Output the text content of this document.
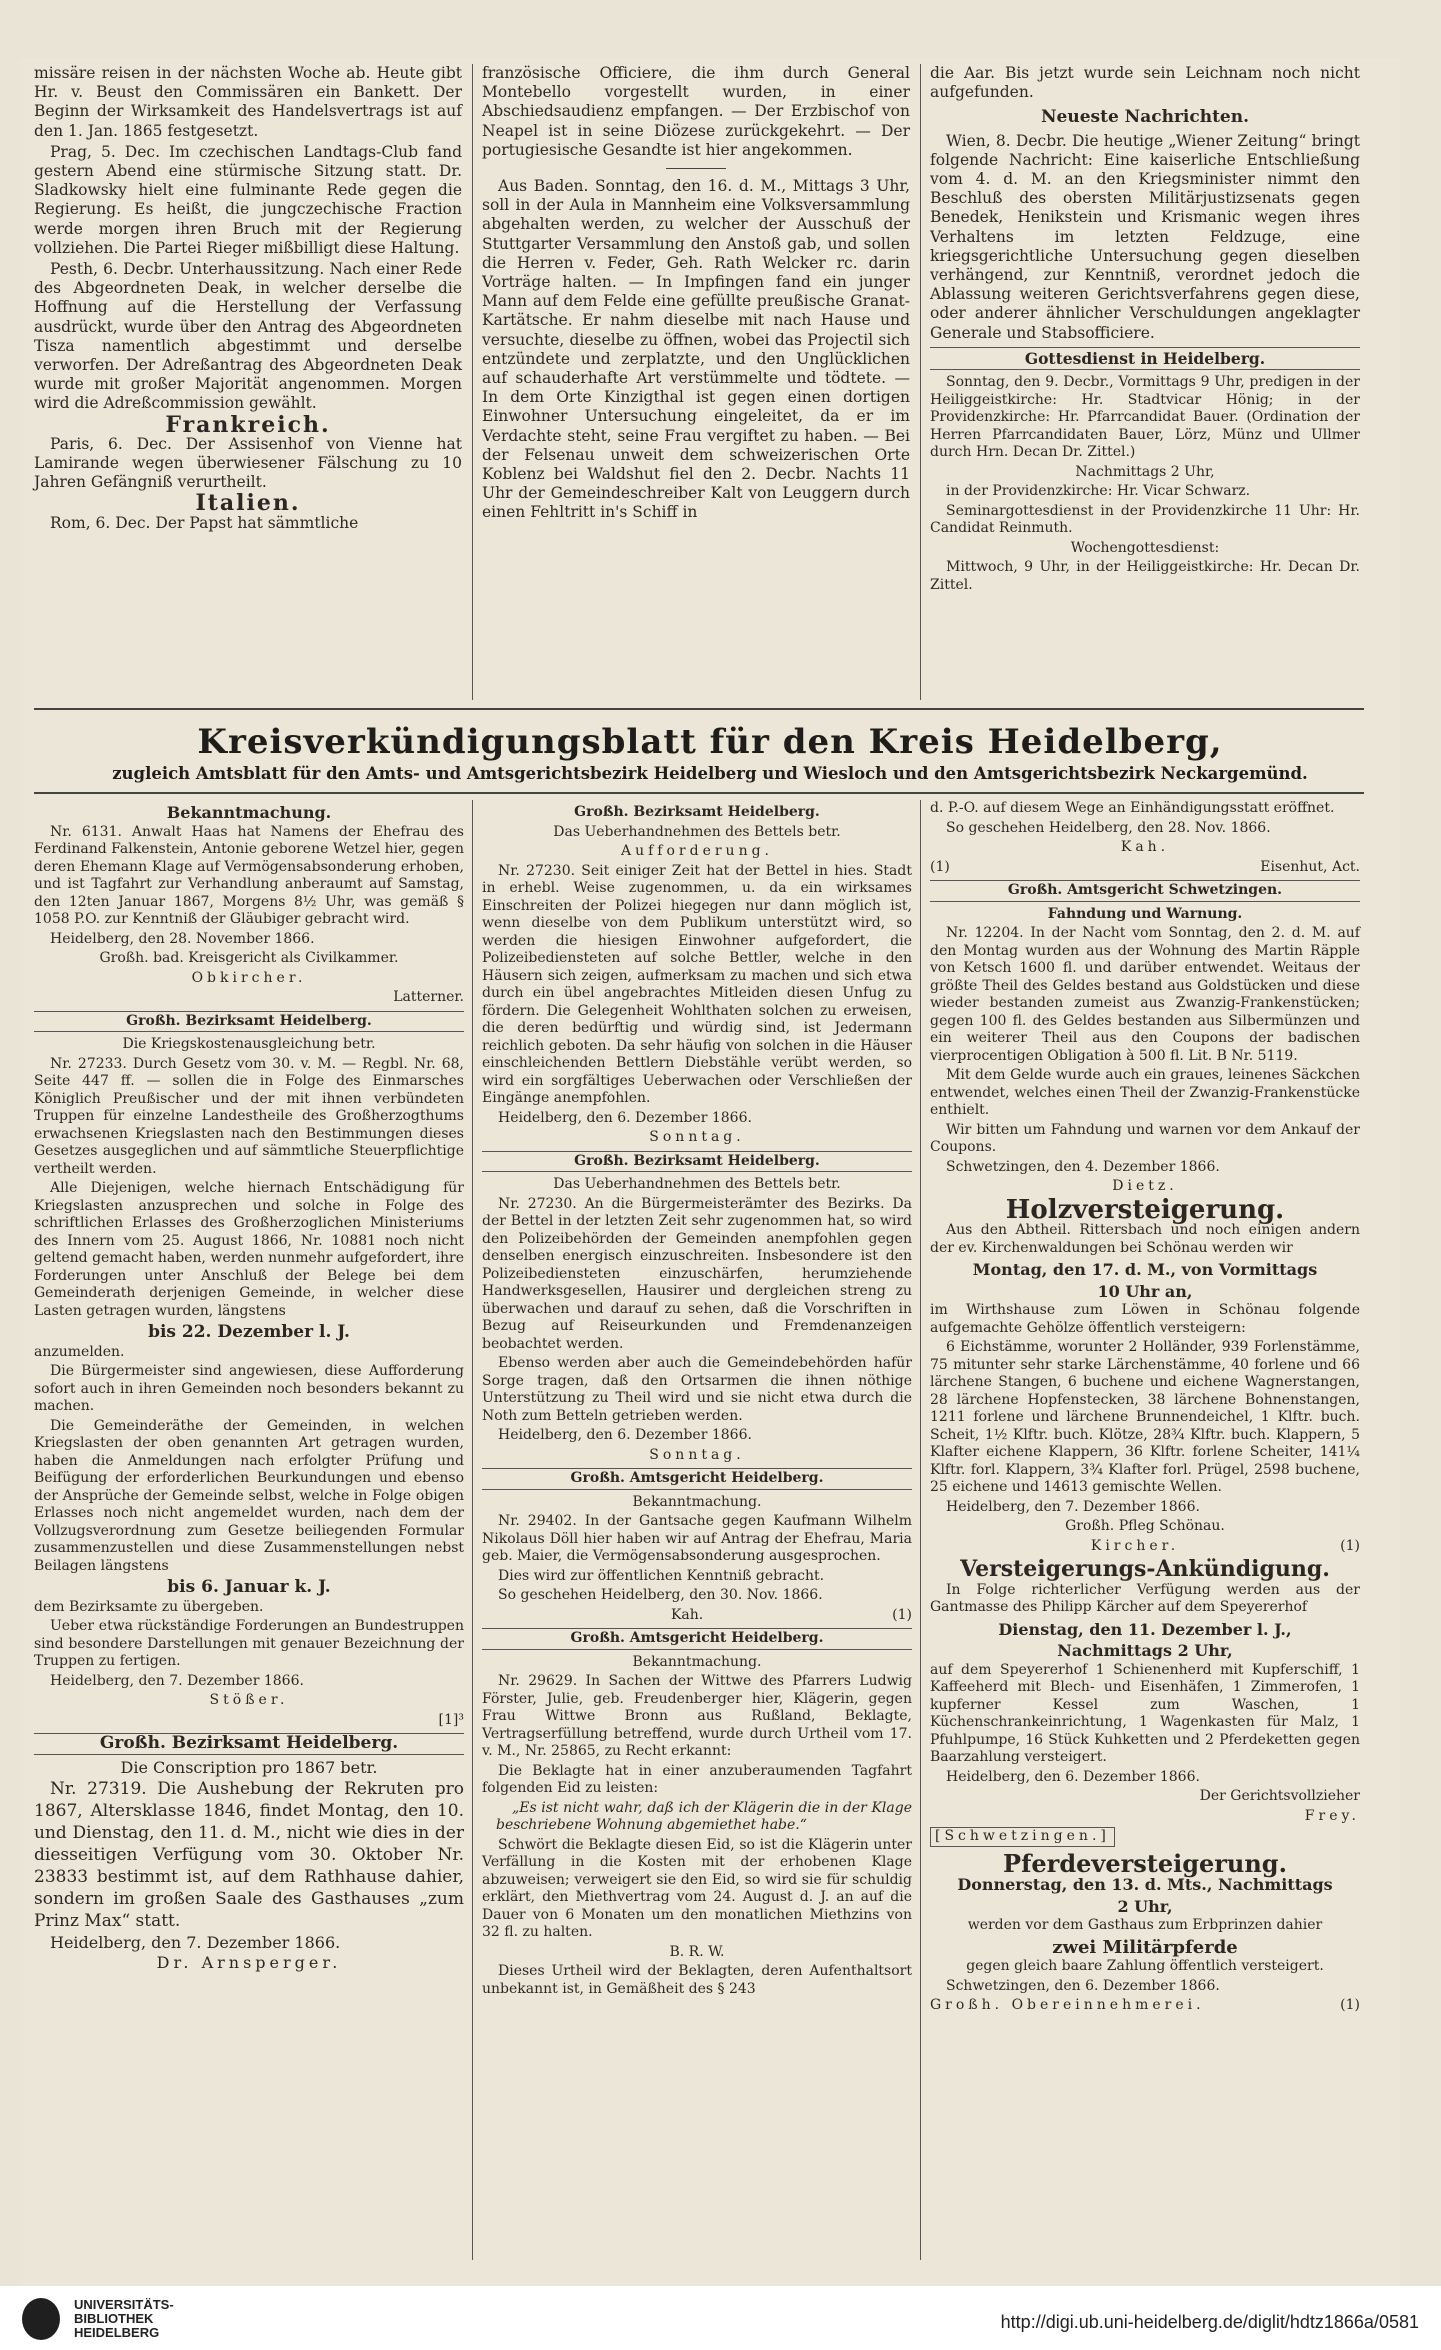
missäre reisen in der nächsten Woche ab. Heute gibt Hr. v. Beust den Commissären ein Bankett. Der Beginn der Wirksamkeit des Handelsvertrags ist auf den 1. Jan. 1865 festgesetzt.

Prag, 5. Dec. Im czechischen Landtags-Club fand gestern Abend eine stürmische Sitzung statt. Dr. Sladkowsky hielt eine fulminante Rede gegen die Regierung. Es heißt, die jungczechische Fraction werde morgen ihren Bruch mit der Regierung vollziehen. Die Partei Rieger mißbilligt diese Haltung.

Pesth, 6. Decbr. Unterhaussitzung. Nach einer Rede des Abgeordneten Deak, in welcher derselbe die Hoffnung auf die Herstellung der Verfassung ausdrückt, wurde über den Antrag des Abgeordneten Tisza namentlich abgestimmt und derselbe verworfen. Der Adreßantrag des Abgeordneten Deak wurde mit großer Majorität angenommen. Morgen wird die Adreßcommission gewählt.

Frankreich.

Paris, 6. Dec. Der Assisenhof von Vienne hat Lamirande wegen überwiesener Fälschung zu 10 Jahren Gefängniß verurtheilt.

Italien.

Rom, 6. Dec. Der Papst hat sämmtliche

französische Officiere, die ihm durch General Montebello vorgestellt wurden, in einer Abschiedsaudienz empfangen. — Der Erzbischof von Neapel ist in seine Diözese zurückgekehrt. — Der portugiesische Gesandte ist hier angekommen.

Aus Baden. Sonntag, den 16. d. M., Mittags 3 Uhr, soll in der Aula in Mannheim eine Volksversammlung abgehalten werden, zu welcher der Ausschuß der Stuttgarter Versammlung den Anstoß gab, und sollen die Herren v. Feder, Geh. Rath Welcker rc. darin Vorträge halten. — In Impfingen fand ein junger Mann auf dem Felde eine gefüllte preußische Granat-Kartätsche. Er nahm dieselbe mit nach Hause und versuchte, dieselbe zu öffnen, wobei das Projectil sich entzündete und zerplatzte, und den Unglücklichen auf schauderhafte Art verstümmelte und tödtete. — In dem Orte Kinzigthal ist gegen einen dortigen Einwohner Untersuchung eingeleitet, da er im Verdachte steht, seine Frau vergiftet zu haben. — Bei der Felsenau unweit dem schweizerischen Orte Koblenz bei Waldshut fiel den 2. Decbr. Nachts 11 Uhr der Gemeindeschreiber Kalt von Leuggern durch einen Fehltritt in's Schiff in

die Aar. Bis jetzt wurde sein Leichnam noch nicht aufgefunden.

Neueste Nachrichten.

Wien, 8. Decbr. Die heutige „Wiener Zeitung“ bringt folgende Nachricht: Eine kaiserliche Entschließung vom 4. d. M. an den Kriegsminister nimmt den Beschluß des obersten Militärjustizsenats gegen Benedek, Henikstein und Krismanic wegen ihres Verhaltens im letzten Feldzuge, eine kriegsgerichtliche Untersuchung gegen dieselben verhängend, zur Kenntniß, verordnet jedoch die Ablassung weiteren Gerichtsverfahrens gegen diese, oder anderer ähnlicher Verschuldungen angeklagter Generale und Stabsofficiere.

Gottesdienst in Heidelberg.

Sonntag, den 9. Decbr., Vormittags 9 Uhr, predigen in der Heiliggeistkirche: Hr. Stadtvicar Hönig; in der Providenzkirche: Hr. Pfarrcandidat Bauer. (Ordination der Herren Pfarrcandidaten Bauer, Lörz, Münz und Ullmer durch Hrn. Decan Dr. Zittel.)

Nachmittags 2 Uhr,

in der Providenzkirche: Hr. Vicar Schwarz.

Seminargottesdienst in der Providenzkirche 11 Uhr: Hr. Candidat Reinmuth.

Wochengottesdienst:

Mittwoch, 9 Uhr, in der Heiliggeistkirche: Hr. Decan Dr. Zittel.

Kreisverkündigungsblatt für den Kreis Heidelberg,
zugleich Amtsblatt für den Amts- und Amtsgerichtsbezirk Heidelberg und Wiesloch und den Amtsgerichtsbezirk Neckargemünd.
Bekanntmachung.

Nr. 6131. Anwalt Haas hat Namens der Ehefrau des Ferdinand Falkenstein, Antonie geborene Wetzel hier, gegen deren Ehemann Klage auf Vermögensabsonderung erhoben, und ist Tagfahrt zur Verhandlung anberaumt auf Samstag, den 12ten Januar 1867, Morgens 8½ Uhr, was gemäß § 1058 P.O. zur Kenntniß der Gläubiger gebracht wird.

Heidelberg, den 28. November 1866.

Großh. bad. Kreisgericht als Civilkammer.

Obkircher.

Latterner.

Großh. Bezirksamt Heidelberg.

Die Kriegskostenausgleichung betr.

Nr. 27233. Durch Gesetz vom 30. v. M. — Regbl. Nr. 68, Seite 447 ff. — sollen die in Folge des Einmarsches Königlich Preußischer und der mit ihnen verbündeten Truppen für einzelne Landestheile des Großherzogthums erwachsenen Kriegslasten nach den Bestimmungen dieses Gesetzes ausgeglichen und auf sämmtliche Steuerpflichtige vertheilt werden.

Alle Diejenigen, welche hiernach Entschädigung für Kriegslasten anzusprechen und solche in Folge des schriftlichen Erlasses des Großherzoglichen Ministeriums des Innern vom 25. August 1866, Nr. 10881 noch nicht geltend gemacht haben, werden nunmehr aufgefordert, ihre Forderungen unter Anschluß der Belege bei dem Gemeinderath derjenigen Gemeinde, in welcher diese Lasten getragen wurden, längstens

bis 22. Dezember l. J.

anzumelden.

Die Bürgermeister sind angewiesen, diese Aufforderung sofort auch in ihren Gemeinden noch besonders bekannt zu machen.

Die Gemeinderäthe der Gemeinden, in welchen Kriegslasten der oben genannten Art getragen wurden, haben die Anmeldungen nach erfolgter Prüfung und Beifügung der erforderlichen Beurkundungen und ebenso der Ansprüche der Gemeinde selbst, welche in Folge obigen Erlasses noch nicht angemeldet wurden, nach dem der Vollzugsverordnung zum Gesetze beiliegenden Formular zusammenzustellen und diese Zusammenstellungen nebst Beilagen längstens

bis 6. Januar k. J.

dem Bezirksamte zu übergeben.

Ueber etwa rückständige Forderungen an Bundestruppen sind besondere Darstellungen mit genauer Bezeichnung der Truppen zu fertigen.

Heidelberg, den 7. Dezember 1866.

Stößer.

[1]³

Großh. Bezirksamt Heidelberg.

Die Conscription pro 1867 betr.

Nr. 27319. Die Aushebung der Rekruten pro 1867, Altersklasse 1846, findet Montag, den 10. und Dienstag, den 11. d. M., nicht wie dies in der diesseitigen Verfügung vom 30. Oktober Nr. 23833 bestimmt ist, auf dem Rathhause dahier, sondern im großen Saale des Gasthauses „zum Prinz Max“ statt.

Heidelberg, den 7. Dezember 1866.

Dr. Arnsperger.

Großh. Bezirksamt Heidelberg.

Das Ueberhandnehmen des Bettels betr.

Aufforderung.

Nr. 27230. Seit einiger Zeit hat der Bettel in hies. Stadt in erhebl. Weise zugenommen, u. da ein wirksames Einschreiten der Polizei hiegegen nur dann möglich ist, wenn dieselbe von dem Publikum unterstützt wird, so werden die hiesigen Einwohner aufgefordert, die Polizeibediensteten auf solche Bettler, welche in den Häusern sich zeigen, aufmerksam zu machen und sich etwa durch ein übel angebrachtes Mitleiden diesen Unfug zu fördern. Die Gelegenheit Wohlthaten solchen zu erweisen, die deren bedürftig und würdig sind, ist Jedermann reichlich geboten. Da sehr häufig von solchen in die Häuser einschleichenden Bettlern Diebstähle verübt werden, so wird ein sorgfältiges Ueberwachen oder Verschließen der Eingänge anempfohlen.

Heidelberg, den 6. Dezember 1866.

Sonntag.

Großh. Bezirksamt Heidelberg.

Das Ueberhandnehmen des Bettels betr.

Nr. 27230. An die Bürgermeisterämter des Bezirks. Da der Bettel in der letzten Zeit sehr zugenommen hat, so wird den Polizeibehörden der Gemeinden anempfohlen gegen denselben energisch einzuschreiten. Insbesondere ist den Polizeibediensteten einzuschärfen, herumziehende Handwerksgesellen, Hausirer und dergleichen streng zu überwachen und darauf zu sehen, daß die Vorschriften in Bezug auf Reiseurkunden und Fremdenanzeigen beobachtet werden.

Ebenso werden aber auch die Gemeindebehörden hafür Sorge tragen, daß den Ortsarmen die ihnen nöthige Unterstützung zu Theil wird und sie nicht etwa durch die Noth zum Betteln getrieben werden.

Heidelberg, den 6. Dezember 1866.

Sonntag.

Großh. Amtsgericht Heidelberg.

Bekanntmachung.

Nr. 29402. In der Gantsache gegen Kaufmann Wilhelm Nikolaus Döll hier haben wir auf Antrag der Ehefrau, Maria geb. Maier, die Vermögensabsonderung ausgesprochen.

Dies wird zur öffentlichen Kenntniß gebracht.

So geschehen Heidelberg, den 30. Nov. 1866.

Kah.	(1)

Großh. Amtsgericht Heidelberg.

Bekanntmachung.

Nr. 29629. In Sachen der Wittwe des Pfarrers Ludwig Förster, Julie, geb. Freudenberger hier, Klägerin, gegen Frau Wittwe Bronn aus Rußland, Beklagte, Vertragserfüllung betreffend, wurde durch Urtheil vom 17. v. M., Nr. 25865, zu Recht erkannt:

Die Beklagte hat in einer anzuberaumenden Tagfahrt folgenden Eid zu leisten:

„Es ist nicht wahr, daß ich der Klägerin die in der Klage beschriebene Wohnung abgemiethet habe.“

Schwört die Beklagte diesen Eid, so ist die Klägerin unter Verfällung in die Kosten mit der erhobenen Klage abzuweisen; verweigert sie den Eid, so wird sie für schuldig erklärt, den Miethvertrag vom 24. August d. J. an auf die Dauer von 6 Monaten um den monatlichen Miethzins von 32 fl. zu halten.

B. R. W.

Dieses Urtheil wird der Beklagten, deren Aufenthaltsort unbekannt ist, in Gemäßheit des § 243

d. P.-O. auf diesem Wege an Einhändigungsstatt eröffnet.

So geschehen Heidelberg, den 28. Nov. 1866.

Kah.

(1)	Eisenhut, Act.

Großh. Amtsgericht Schwetzingen.

Fahndung und Warnung.

Nr. 12204. In der Nacht vom Sonntag, den 2. d. M. auf den Montag wurden aus der Wohnung des Martin Räpple von Ketsch 1600 fl. und darüber entwendet. Weitaus der größte Theil des Geldes bestand aus Goldstücken und diese wieder bestanden zumeist aus Zwanzig-Frankenstücken; gegen 100 fl. des Geldes bestanden aus Silbermünzen und ein weiterer Theil aus den Coupons der badischen vierprocentigen Obligation à 500 fl. Lit. B Nr. 5119.

Mit dem Gelde wurde auch ein graues, leinenes Säckchen entwendet, welches einen Theil der Zwanzig-Frankenstücke enthielt.

Wir bitten um Fahndung und warnen vor dem Ankauf der Coupons.

Schwetzingen, den 4. Dezember 1866.

Dietz.

Holzversteigerung.

Aus den Abtheil. Rittersbach und noch einigen andern der ev. Kirchenwaldungen bei Schönau werden wir

Montag, den 17. d. M., von Vormittags
10 Uhr an,

im Wirthshause zum Löwen in Schönau folgende aufgemachte Gehölze öffentlich versteigern:

6 Eichstämme, worunter 2 Holländer, 939 Forlenstämme, 75 mitunter sehr starke Lärchenstämme, 40 forlene und 66 lärchene Stangen, 6 buchene und eichene Wagnerstangen, 28 lärchene Hopfenstecken, 38 lärchene Bohnenstangen, 1211 forlene und lärchene Brunnendeichel, 1 Klftr. buch. Scheit, 1½ Klftr. buch. Klötze, 28¾ Klftr. buch. Klappern, 5 Klafter eichene Klappern, 36 Klftr. forlene Scheiter, 141¼ Klftr. forl. Klappern, 3¾ Klafter forl. Prügel, 2598 buchene, 25 eichene und 14613 gemischte Wellen.

Heidelberg, den 7. Dezember 1866.

Großh. Pfleg Schönau.

Kircher.	(1)

Versteigerungs-Ankündigung.

In Folge richterlicher Verfügung werden aus der Gantmasse des Philipp Kärcher auf dem Speyererhof

Dienstag, den 11. Dezember l. J.,
Nachmittags 2 Uhr,

auf dem Speyererhof 1 Schienenherd mit Kupferschiff, 1 Kaffeeherd mit Blech- und Eisenhäfen, 1 Zimmerofen, 1 kupferner Kessel zum Waschen, 1 Küchenschrankeinrichtung, 1 Wagenkasten für Malz, 1 Pfuhlpumpe, 16 Stück Kuhketten und 2 Pferdeketten gegen Baarzahlung versteigert.

Heidelberg, den 6. Dezember 1866.

Der Gerichtsvollzieher

Frey.

[Schwetzingen.]

Pferdeversteigerung.
Donnerstag, den 13. d. Mts., Nachmittags
2 Uhr,

werden vor dem Gasthaus zum Erbprinzen dahier

zwei Militärpferde

gegen gleich baare Zahlung öffentlich versteigert.

Schwetzingen, den 6. Dezember 1866.

Großh. Obereinnehmerei.	(1)

UNIVERSITÄTS-
BIBLIOTHEK
HEIDELBERG
http://digi.ub.uni-heidelberg.de/diglit/hdtz1866a/0581
